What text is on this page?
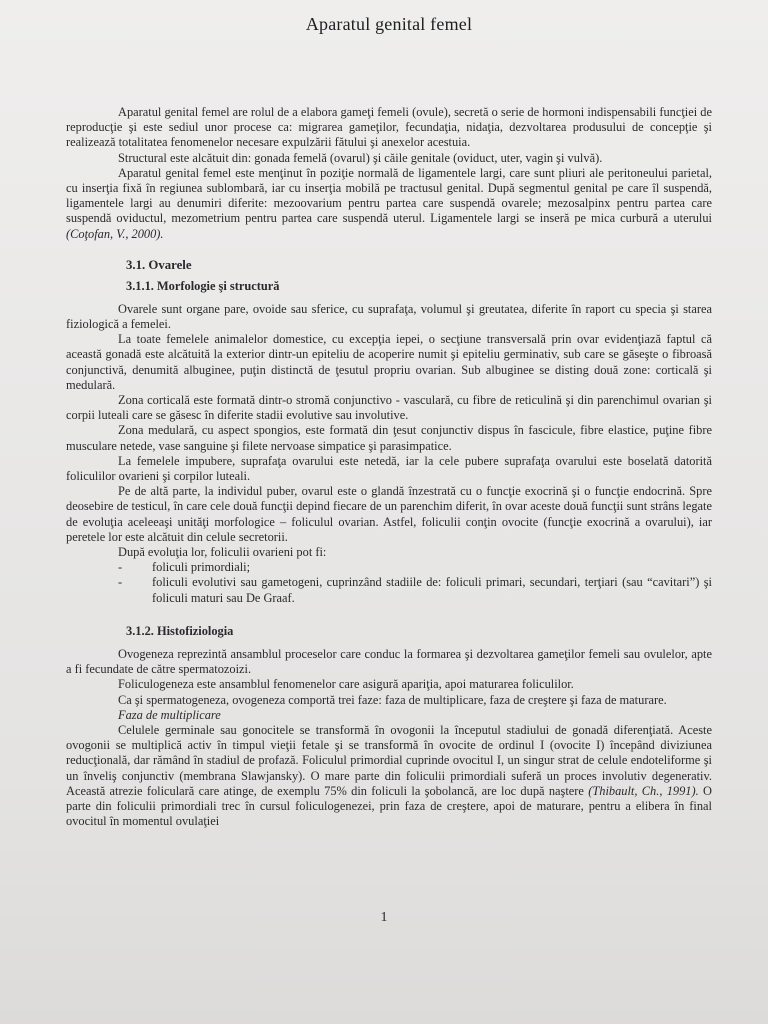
Aparatul genital femel

Aparatul genital femel are rolul de a elabora gameţi femeli (ovule), secretă o serie de hormoni indispensabili funcţiei de reproducţie şi este sediul unor procese ca: migrarea gameţilor, fecundaţia, nidaţia, dezvoltarea produsului de concepţie şi realizează totalitatea fenomenelor necesare expulzării fătului şi anexelor acestuia.

Structural este alcătuit din: gonada femelă (ovarul) şi căile genitale (oviduct, uter, vagin şi vulvă).

Aparatul genital femel este menţinut în poziţie normală de ligamentele largi, care sunt pliuri ale peritoneului parietal, cu inserţia fixă în regiunea sublombară, iar cu inserţia mobilă pe tractusul genital. După segmentul genital pe care îl suspendă, ligamentele largi au denumiri diferite: mezoovarium pentru partea care suspendă ovarele; mezosalpinx pentru partea care suspendă oviductul, mezometrium pentru partea care suspendă uterul. Ligamentele largi se inseră pe mica curbură a uterului (Coţofan, V., 2000).

3.1. Ovarele
3.1.1. Morfologie şi structură

Ovarele sunt organe pare, ovoide sau sferice, cu suprafaţa, volumul şi greutatea, diferite în raport cu specia şi starea fiziologică a femelei.

La toate femelele animalelor domestice, cu excepţia iepei, o secţiune transversală prin ovar evidenţiază faptul că această gonadă este alcătuită la exterior dintr-un epiteliu de acoperire numit şi epiteliu germinativ, sub care se găseşte o fibroasă conjunctivă, denumită albuginee, puţin distinctă de ţesutul propriu ovarian. Sub albuginee se disting două zone: corticală şi medulară.

Zona corticală este formată dintr-o stromă conjunctivo - vasculară, cu fibre de reticulină şi din parenchimul ovarian şi corpii luteali care se găsesc în diferite stadii evolutive sau involutive.

Zona medulară, cu aspect spongios, este formată din ţesut conjunctiv dispus în fascicule, fibre elastice, puţine fibre musculare netede, vase sanguine şi filete nervoase simpatice şi parasimpatice.

La femelele impubere, suprafaţa ovarului este netedă, iar la cele pubere suprafaţa ovarului este boselată datorită foliculilor ovarieni şi corpilor luteali.

Pe de altă parte, la individul puber, ovarul este o glandă înzestrată cu o funcţie exocrină şi o funcţie endocrină. Spre deosebire de testicul, în care cele două funcţii depind fiecare de un parenchim diferit, în ovar aceste două funcţii sunt strâns legate de evoluţia aceleeaşi unităţi morfologice – foliculul ovarian. Astfel, foliculii conţin ovocite (funcţie exocrină a ovarului), iar peretele lor este alcătuit din celule secretorii.

După evoluţia lor, foliculii ovarieni pot fi:

-	foliculi primordiali;
-	foliculi evolutivi sau gametogeni, cuprinzând stadiile de: foliculi primari, secundari, terţiari (sau “cavitari”) şi foliculi maturi sau De Graaf.
3.1.2. Histofiziologia

Ovogeneza reprezintă ansamblul proceselor care conduc la formarea şi dezvoltarea gameţilor femeli sau ovulelor, apte a fi fecundate de către spermatozoizi.

Foliculogeneza este ansamblul fenomenelor care asigură apariţia, apoi maturarea foliculilor.

Ca şi spermatogeneza, ovogeneza comportă trei faze: faza de multiplicare, faza de creştere şi faza de maturare.

Faza de multiplicare

Celulele germinale sau gonocitele se transformă în ovogonii la începutul stadiului de gonadă diferenţiată. Aceste ovogonii se multiplică activ în timpul vieţii fetale şi se transformă în ovocite de ordinul I (ovocite I) începând diviziunea reducţională, dar rămând în stadiul de profază. Foliculul primordial cuprinde ovocitul I, un singur strat de celule endoteliforme şi un înveliş conjunctiv (membrana Slawjansky). O mare parte din foliculii primordiali suferă un proces involutiv degenerativ. Această atrezie foliculară care atinge, de exemplu 75% din foliculi la şobolancă, are loc după naştere (Thibault, Ch., 1991). O parte din foliculii primordiali trec în cursul foliculogenezei, prin faza de creştere, apoi de maturare, pentru a elibera în final ovocitul în momentul ovulaţiei

1
